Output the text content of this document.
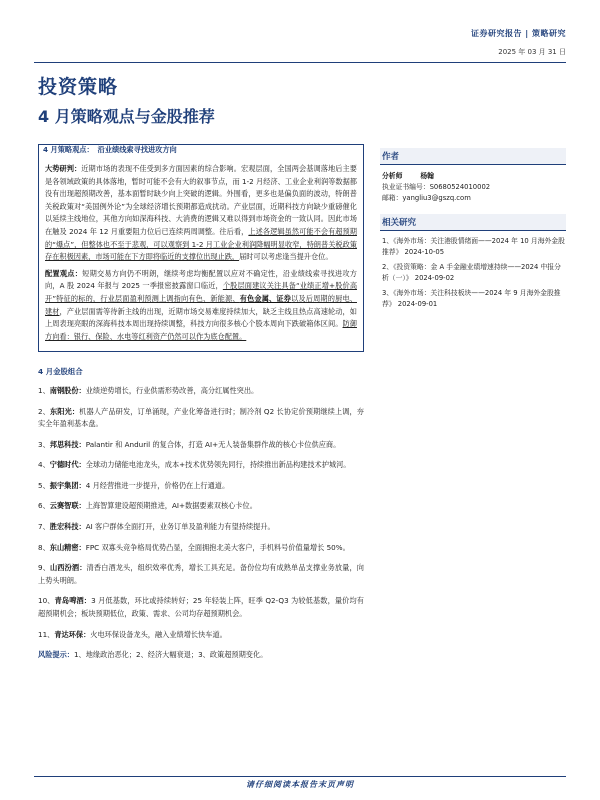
证券研究报告 | 策略研究
2025 年 03 月 31 日
投资策略
4 月策略观点与金股推荐
4 月策略观点： 沿业绩线索寻找进攻方向
大势研判：近期市场的表现不佳受到多方面因素的综合影响。宏观层面，全国两会基调落地后主要是各领域政策的具体落地，暂时可能不会有大的叙事节点，而 1-2 月经济、工业企业利润等数据都没有出现超预期改善，基本面暂时缺少向上突破的逻辑。外围看，更多也是偏负面的波动，特朗普关税政策对“美国例外论”为全球经济增长预期都造成扰动。产业层面，近期科技方向缺少重磅催化以延续主线地位，其他方向如深海科技、大消费的逻辑又难以得到市场资金的一致认同。因此市场在触及 2024 年 12 月重要阻力位后已连续两周调整。往后看，上述各逻辑虽然可能不会有超预期的“爆点”，但整体也不至于悲观，可以观察到 1-2 月工业企业利润降幅明显收窄，特朗普关税政策存在积极因素，市场可能在下方即将临近的支撑位出现止跌，届时可以考虑逢当提升仓位。
配置观点：短期交易方向仍不明朗，继续考虑均衡配置以应对不确定性，沿业绩线索寻找进攻方向，A 股 2024 年报与 2025 一季报密披露窗口临近，个股层面建议关注具备“业绩正增+股价高开”特征的标的，行业层面盈利预测上调指向有色、新能源、有色金属、证券以及后周期的厨电、建材，产业层面需等待新主线的出现，近期市场交易难度持续加大，缺乏主线且热点高速轮动，如上周表现亮眼的深海科技本周出现持续调整，科技方向很多核心个股本周向下跌破箱体区间。防御方向看：银行、保险、水电等红利资产仍然可以作为底仓配置。
4 月金股组合
1、南钢股份：业绩逆势增长，行业供需形势改善，高分红属性突出。
2、东阳光：机器人产品研发，订单涌现，产业化筹备进行时；制冷剂 Q2 长协定价预期继续上调，夯实全年盈利基本盘。
3、邦思科技：Palantir 和 Anduril 的复合体，打造 AI+无人装备集群作战的核心卡位供应商。
4、宁德时代：全球动力储能电池龙头，成本+技术优势领先同行，持续推出新品构建技术护城河。
5、振宇集团：4 月经营推进一步提升，价格仍在上行通道。
6、云赛智联：上海智算建设超预期推进，AI+数据要素双核心卡位。
7、胜宏科技：AI 客户群体全面打开，业务订单及盈利能力有望持续提升。
8、东山精密：FPC 双寡头竞争格局优势凸显，全面拥抱北美大客户，手机料号价值量增长 50%。
9、山西汾酒：清香白酒龙头，组织效率优秀，增长工具充足。备份位均有成熟单品支撑业务放量，向上势头明朗。
10、青岛啤酒：3 月低基数，环比或持续转好；25 年轻装上阵，旺季 Q2-Q3 为较低基数，量价均有超预期机会；板块预期低位，政策、需求、公司均存超预期机会。
11、青达环保：火电环保设备龙头，融入业绩增长快车道。
风险提示：1、地缘政治恶化；2、经济大幅衰退；3、政策超预期变化。
作者
分析师	杨翰
执业证书编号：S0680524010002
邮箱：yangliu3@gszq.com
相关研究
1、《海外市场：关注港股情绪面——2024 年 10 月海外金股推荐》 2024-10-05
2、《投资策略：金 A 手金融业绩增速持续——2024 中报分析（一）》 2024-09-02
3、《海外市场：关注科技板块——2024 年 9 月海外金股推荐》 2024-09-01
请仔细阅读本报告末页声明
